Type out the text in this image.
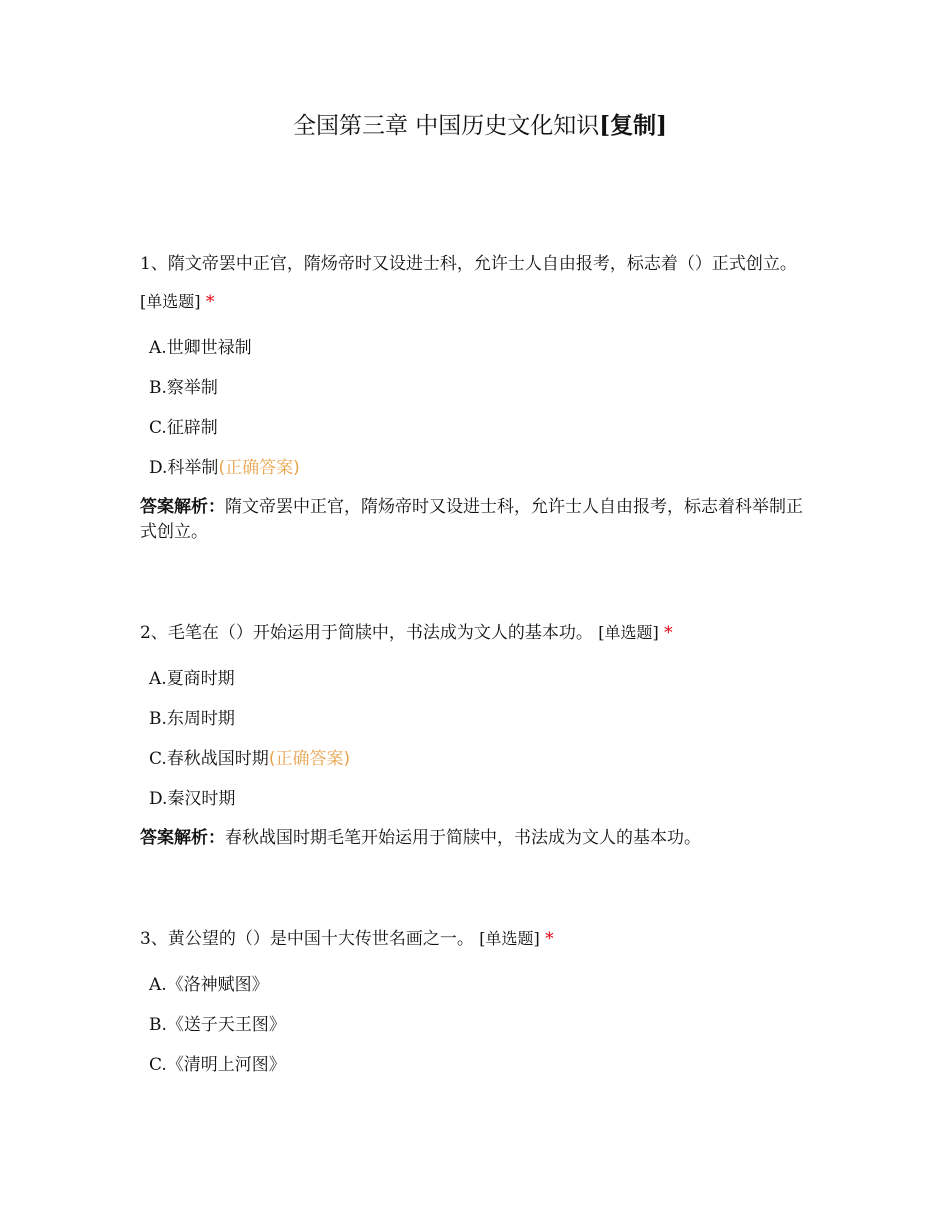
全国第三章 中国历史文化知识[复制]
1、隋文帝罢中正官，隋炀帝时又设进士科，允许士人自由报考，标志着（）正式创立。 [单选题] *
A.世卿世禄制
B.察举制
C.征辟制
D.科举制(正确答案)
答案解析：隋文帝罢中正官，隋炀帝时又设进士科，允许士人自由报考，标志着科举制正式创立。
2、毛笔在（）开始运用于简牍中，书法成为文人的基本功。 [单选题] *
A.夏商时期
B.东周时期
C.春秋战国时期(正确答案)
D.秦汉时期
答案解析：春秋战国时期毛笔开始运用于简牍中，书法成为文人的基本功。
3、黄公望的（）是中国十大传世名画之一。 [单选题] *
A.《洛神赋图》
B.《送子天王图》
C.《清明上河图》
